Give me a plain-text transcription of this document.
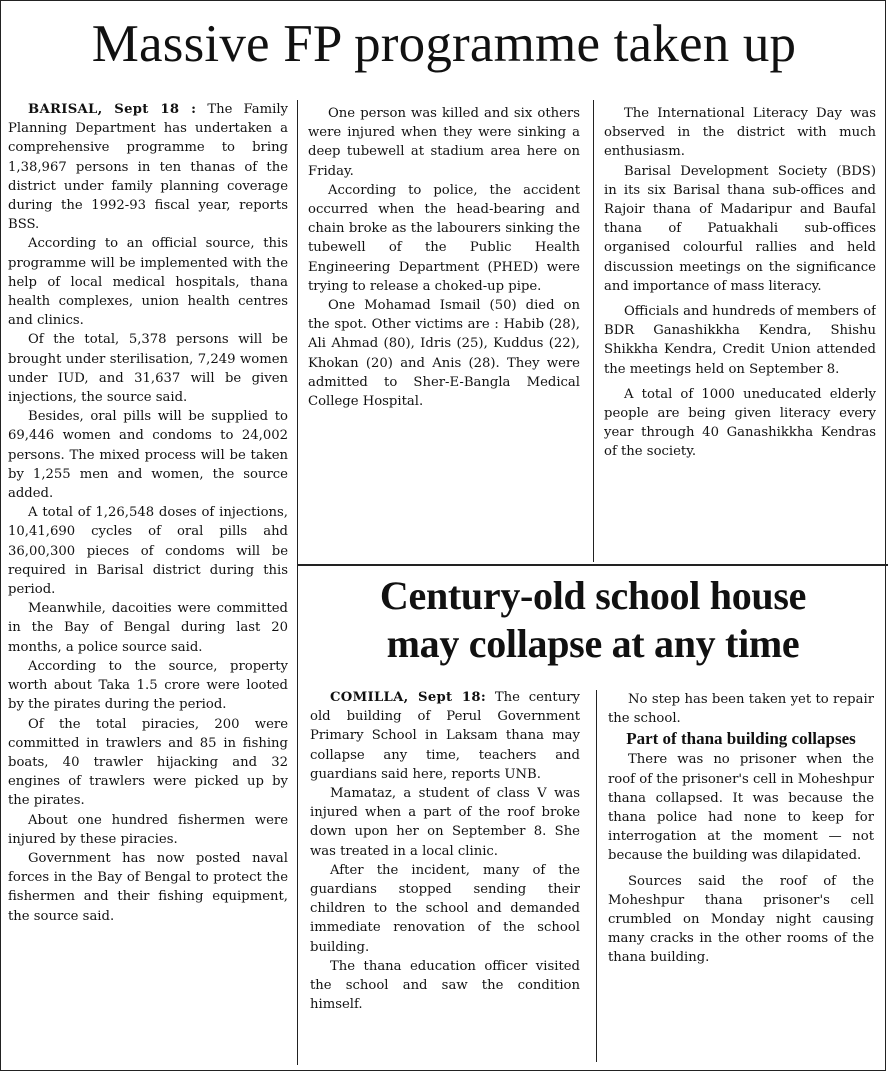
Massive FP programme taken up

BARISAL, Sept 18 : The Family Planning Department has undertaken a comprehensive programme to bring 1,38,967 persons in ten thanas of the district under family planning coverage during the 1992-93 fiscal year, reports BSS.

According to an official source, this programme will be implemented with the help of local medical hospitals, thana health complexes, union health centres and clinics.

Of the total, 5,378 persons will be brought under sterilisation, 7,249 women under IUD, and 31,637 will be given injections, the source said.

Besides, oral pills will be supplied to 69,446 women and condoms to 24,002 persons. The mixed process will be taken by 1,255 men and women, the source added.

A total of 1,26,548 doses of injections, 10,41,690 cycles of oral pills ahd 36,00,300 pieces of condoms will be required in Barisal district during this period.

Meanwhile, dacoities were committed in the Bay of Bengal during last 20 months, a police source said.

According to the source, property worth about Taka 1.5 crore were looted by the pirates during the period.

Of the total piracies, 200 were committed in trawlers and 85 in fishing boats, 40 trawler hijacking and 32 engines of trawlers were picked up by the pirates.

About one hundred fishermen were injured by these piracies.

Government has now posted naval forces in the Bay of Bengal to protect the fishermen and their fishing equipment, the source said.

One person was killed and six others were injured when they were sinking a deep tubewell at stadium area here on Friday.

According to police, the accident occurred when the head-bearing and chain broke as the labourers sinking the tubewell of the Public Health Engineering Department (PHED) were trying to release a choked-up pipe.

One Mohamad Ismail (50) died on the spot. Other victims are : Habib (28), Ali Ahmad (80), Idris (25), Kuddus (22), Khokan (20) and Anis (28). They were admitted to Sher-E-Bangla Medical College Hospital.

The International Literacy Day was observed in the district with much enthusiasm.

Barisal Development Society (BDS) in its six Barisal thana sub-offices and Rajoir thana of Madaripur and Baufal thana of Patuakhali sub-offices organised colourful rallies and held discussion meetings on the significance and importance of mass literacy.

Officials and hundreds of members of BDR Ganashikkha Kendra, Shishu Shikkha Kendra, Credit Union attended the meetings held on September 8.

A total of 1000 uneducated elderly people are being given literacy every year through 40 Ganashikkha Kendras of the society.

Century-old school house
may collapse at any time

COMILLA, Sept 18: The century old building of Perul Government Primary School in Laksam thana may collapse any time, teachers and guardians said here, reports UNB.

Mamataz, a student of class V was injured when a part of the roof broke down upon her on September 8. She was treated in a local clinic.

After the incident, many of the guardians stopped sending their children to the school and demanded immediate renovation of the school building.

The thana education officer visited the school and saw the condition himself.

No step has been taken yet to repair the school.

Part of thana building collapses

There was no prisoner when the roof of the prisoner's cell in Moheshpur thana collapsed. It was because the thana police had none to keep for interrogation at the moment — not because the building was dilapidated.

Sources said the roof of the Moheshpur thana prisoner's cell crumbled on Monday night causing many cracks in the other rooms of the thana building.
